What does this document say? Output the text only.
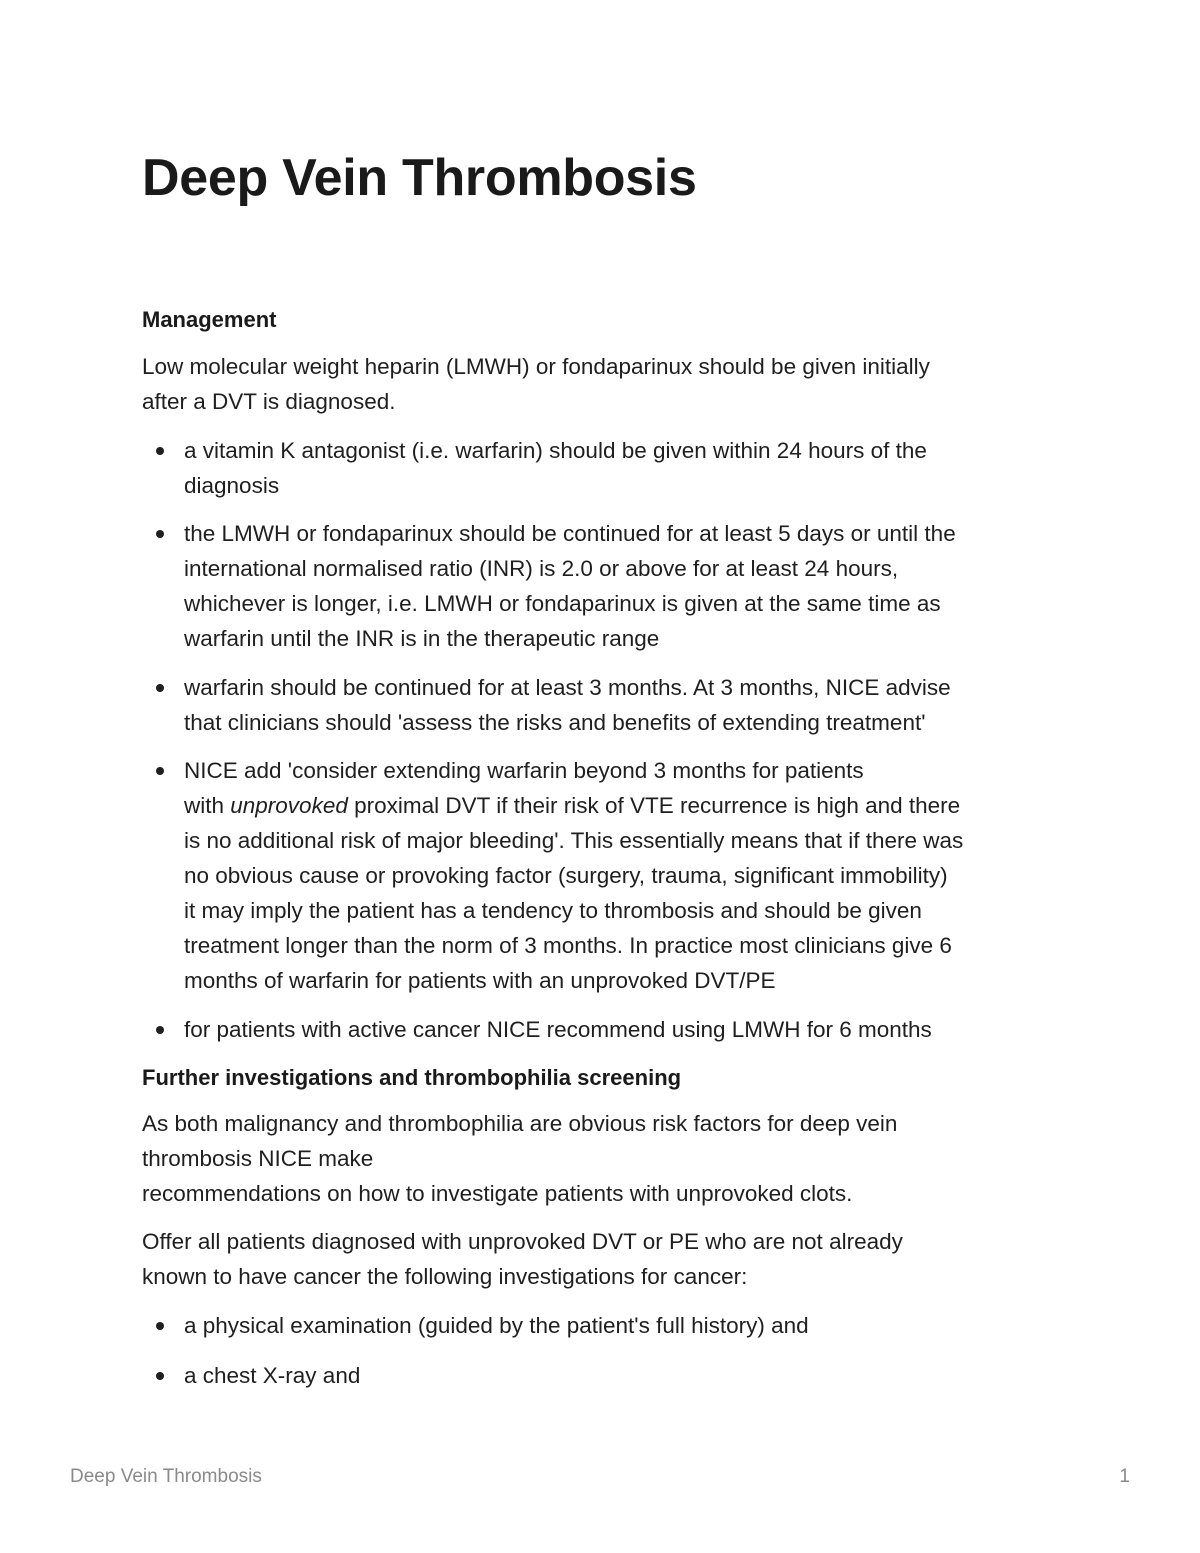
Deep Vein Thrombosis
Management

Low molecular weight heparin (LMWH) or fondaparinux should be given initially
after a DVT is diagnosed.

a vitamin K antagonist (i.e. warfarin) should be given within 24 hours of the
diagnosis
the LMWH or fondaparinux should be continued for at least 5 days or until the
international normalised ratio (INR) is 2.0 or above for at least 24 hours,
whichever is longer, i.e. LMWH or fondaparinux is given at the same time as
warfarin until the INR is in the therapeutic range
warfarin should be continued for at least 3 months. At 3 months, NICE advise
that clinicians should 'assess the risks and benefits of extending treatment'
NICE add 'consider extending warfarin beyond 3 months for patients
with unprovoked proximal DVT if their risk of VTE recurrence is high and there
is no additional risk of major bleeding'. This essentially means that if there was
no obvious cause or provoking factor (surgery, trauma, significant immobility)
it may imply the patient has a tendency to thrombosis and should be given
treatment longer than the norm of 3 months. In practice most clinicians give 6
months of warfarin for patients with an unprovoked DVT/PE
for patients with active cancer NICE recommend using LMWH for 6 months
Further investigations and thrombophilia screening

As both malignancy and thrombophilia are obvious risk factors for deep vein
thrombosis NICE make
recommendations on how to investigate patients with unprovoked clots.

Offer all patients diagnosed with unprovoked DVT or PE who are not already
known to have cancer the following investigations for cancer:

a physical examination (guided by the patient's full history) and
a chest X-ray and
Deep Vein Thrombosis	1
